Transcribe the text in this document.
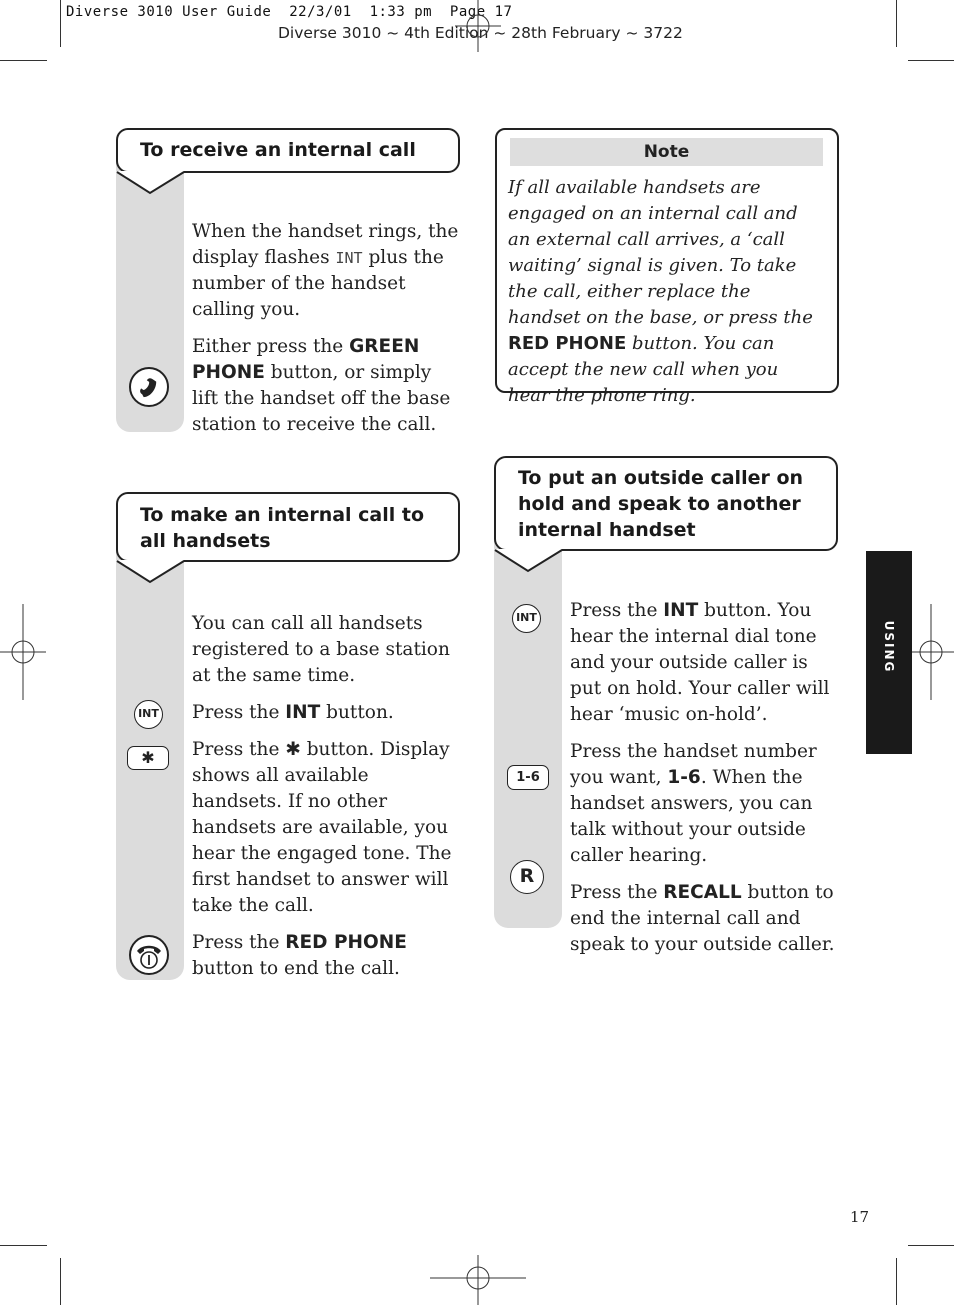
Diverse 3010 User Guide  22/3/01  1:33 pm  Page 17
Diverse 3010 ~ 4th Edition ~ 28th February ~ 3722
To receive an internal call

When the handset rings, the display flashes INT plus the number of the handset calling you.

Either press the GREEN PHONE button, or simply lift the handset off the base station to receive the call.

To make an internal call to
all handsets

You can call all handsets registered to a base station at the same time.

Press the INT button.

Press the ✱ button. Display shows all available handsets. If no other handsets are available, you hear the engaged tone. The first handset to answer will take the call.

Press the RED PHONE button to end the call.

INT
✱
Note
If all available handsets are engaged on an internal call and an external call arrives, a ‘call waiting’ signal is given. To take the call, either replace the handset on the base, or press the RED PHONE button. You can accept the new call when you hear the phone ring.
To put an outside caller on
hold and speak to another
internal handset

Press the INT button. You hear the internal dial tone and your outside caller is put on hold. Your caller will hear ‘music on-hold’.

Press the handset number you want, 1-6. When the handset answers, you can talk without your outside caller hearing.

Press the RECALL button to end the internal call and speak to your outside caller.

INT
1-6
R
USING
17
